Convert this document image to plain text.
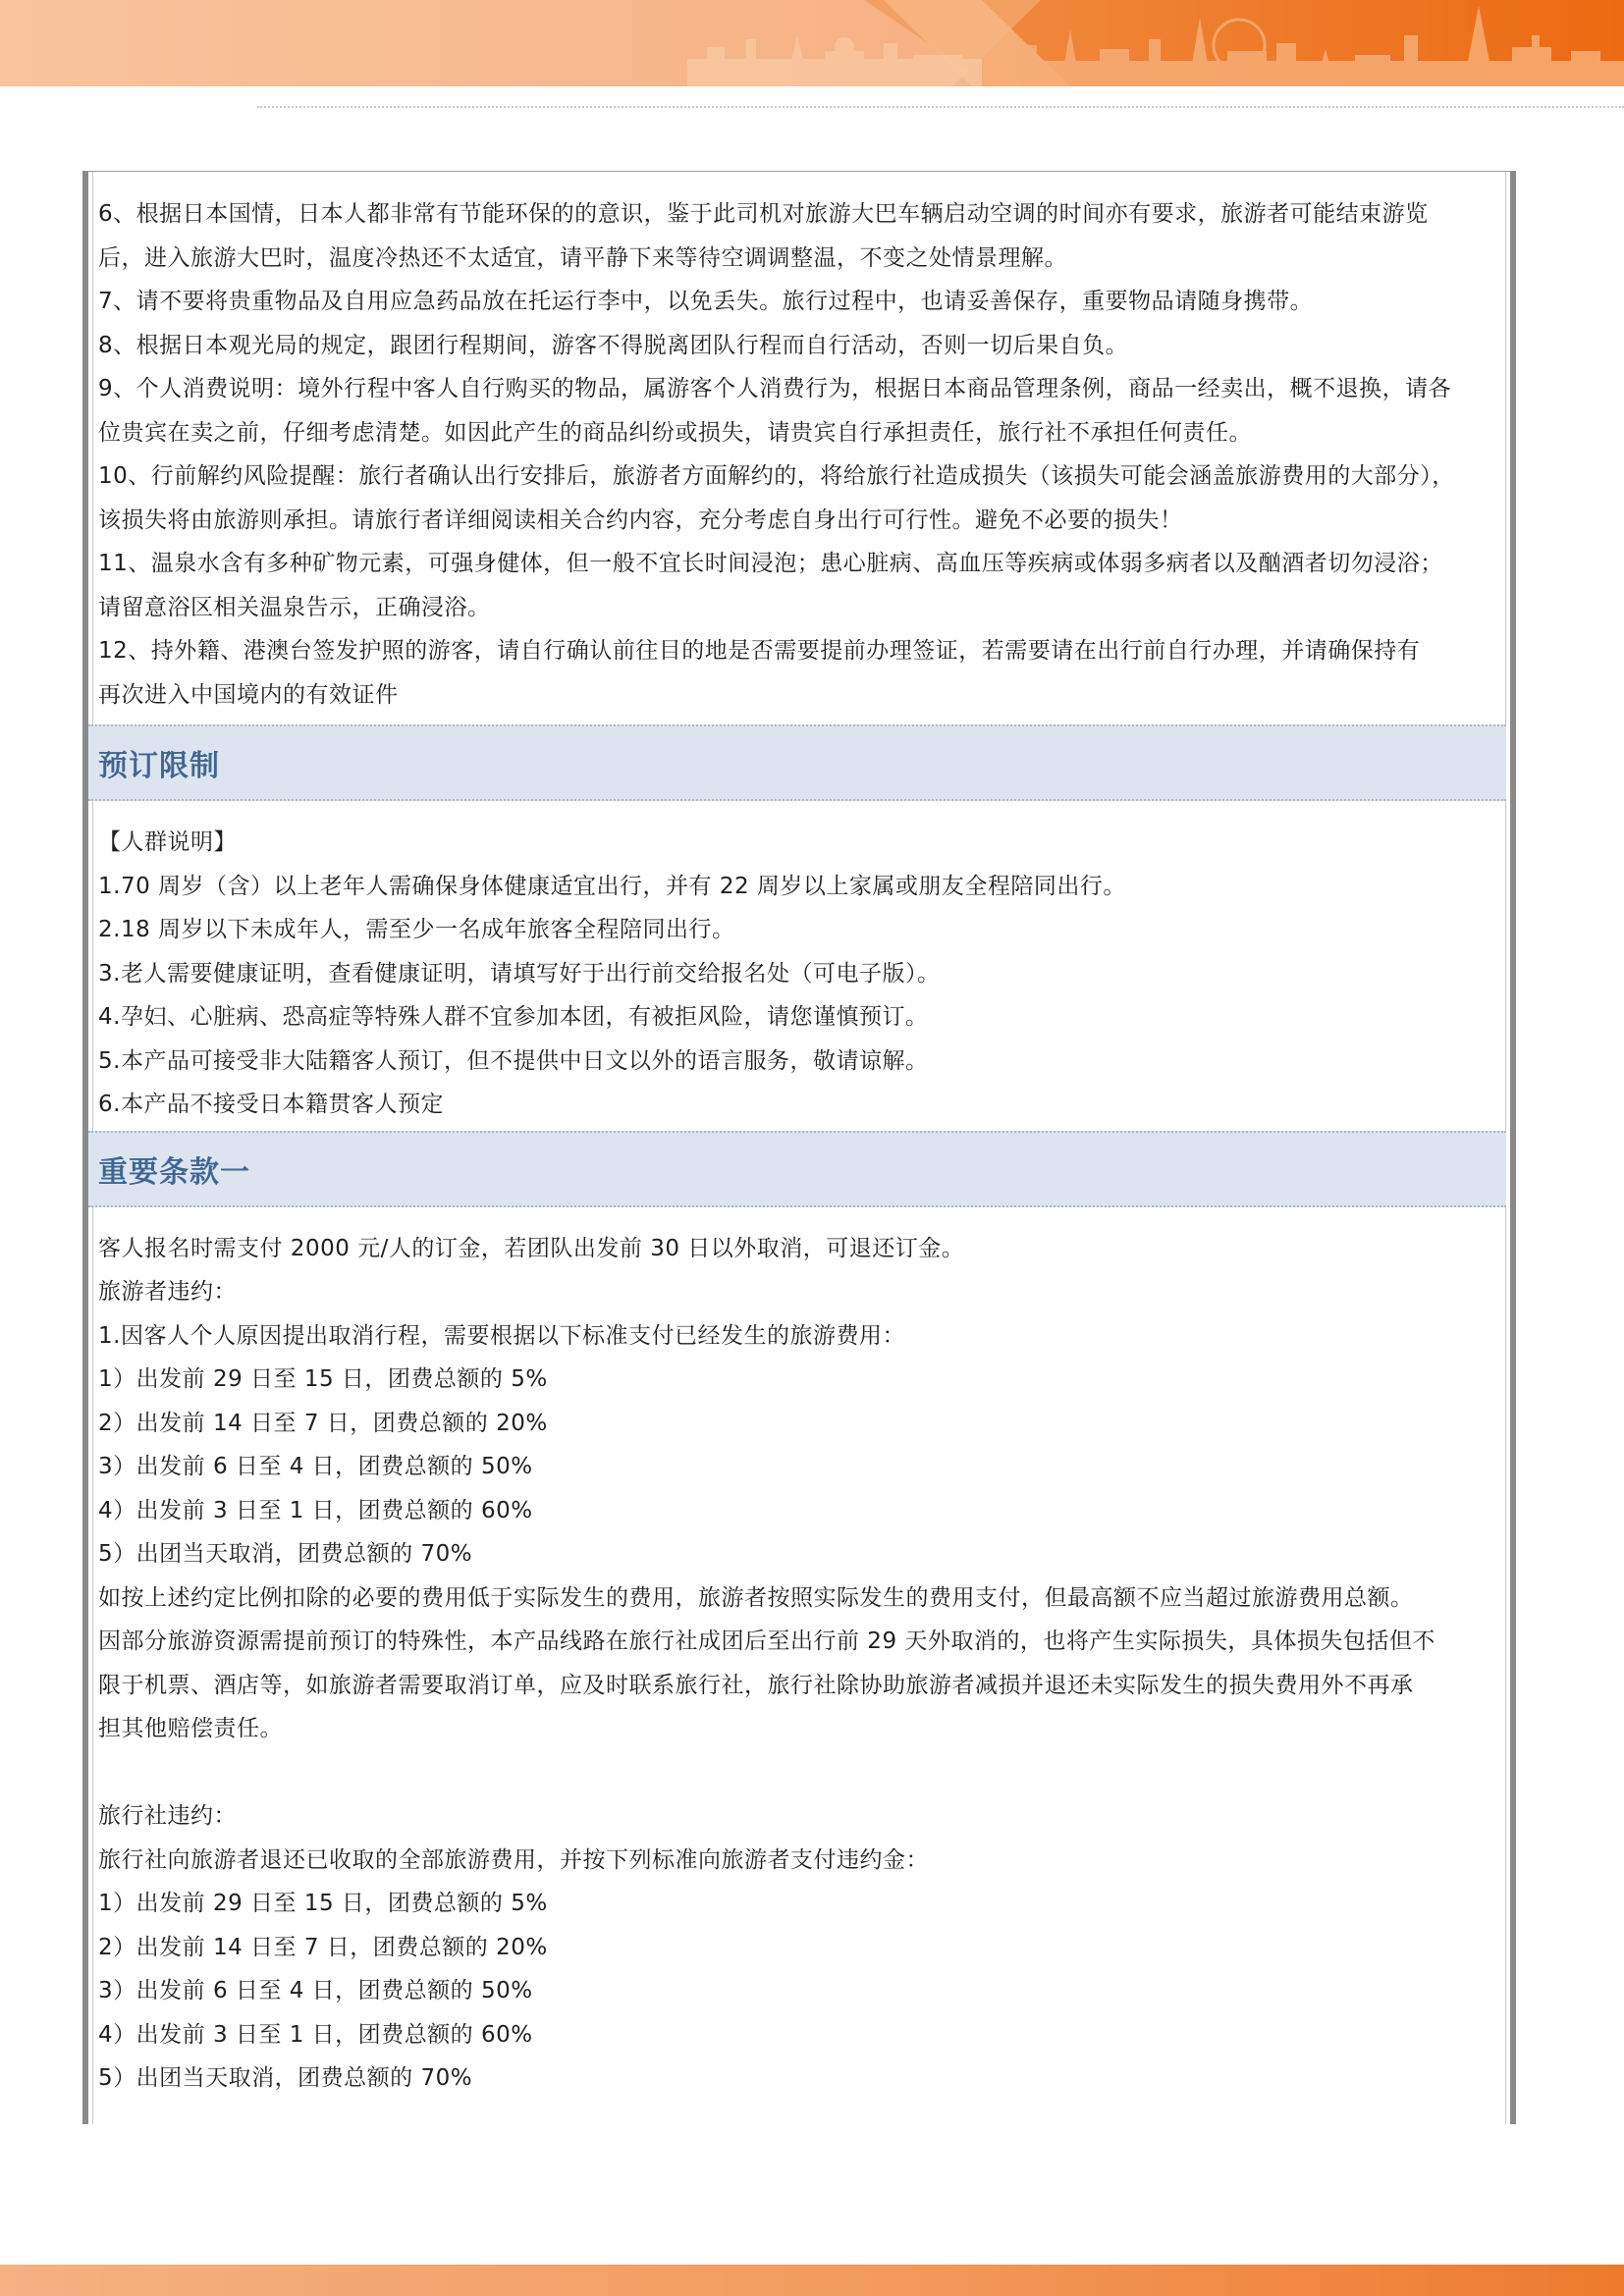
6、根据日本国情，日本人都非常有节能环保的的意识，鉴于此司机对旅游大巴车辆启动空调的时间亦有要求，旅游者可能结束游览
后，进入旅游大巴时，温度冷热还不太适宜，请平静下来等待空调调整温，不变之处情景理解。
7、请不要将贵重物品及自用应急药品放在托运行李中，以免丢失。旅行过程中，也请妥善保存，重要物品请随身携带。
8、根据日本观光局的规定，跟团行程期间，游客不得脱离团队行程而自行活动，否则一切后果自负。
9、个人消费说明：境外行程中客人自行购买的物品，属游客个人消费行为，根据日本商品管理条例，商品一经卖出，概不退换，请各
位贵宾在卖之前，仔细考虑清楚。如因此产生的商品纠纷或损失，请贵宾自行承担责任，旅行社不承担任何责任。
10、行前解约风险提醒：旅行者确认出行安排后，旅游者方面解约的，将给旅行社造成损失（该损失可能会涵盖旅游费用的大部分），
该损失将由旅游则承担。请旅行者详细阅读相关合约内容，充分考虑自身出行可行性。避免不必要的损失！
11、温泉水含有多种矿物元素，可强身健体，但一般不宜长时间浸泡；患心脏病、高血压等疾病或体弱多病者以及酗酒者切勿浸浴；
请留意浴区相关温泉告示，正确浸浴。
12、持外籍、港澳台签发护照的游客，请自行确认前往目的地是否需要提前办理签证，若需要请在出行前自行办理，并请确保持有
再次进入中国境内的有效证件
预订限制
【人群说明】
1.70 周岁（含）以上老年人需确保身体健康适宜出行，并有 22 周岁以上家属或朋友全程陪同出行。
2.18 周岁以下未成年人，需至少一名成年旅客全程陪同出行。
3.老人需要健康证明，查看健康证明，请填写好于出行前交给报名处（可电子版）。
4.孕妇、心脏病、恐高症等特殊人群不宜参加本团，有被拒风险，请您谨慎预订。
5.本产品可接受非大陆籍客人预订，但不提供中日文以外的语言服务，敬请谅解。
6.本产品不接受日本籍贯客人预定
重要条款一
客人报名时需支付 2000 元/人的订金，若团队出发前 30 日以外取消，可退还订金。
旅游者违约：
1.因客人个人原因提出取消行程，需要根据以下标准支付已经发生的旅游费用：
1）出发前 29 日至 15 日，团费总额的 5%
2）出发前 14 日至 7 日，团费总额的 20%
3）出发前 6 日至 4 日，团费总额的 50%
4）出发前 3 日至 1 日，团费总额的 60%
5）出团当天取消，团费总额的 70%
如按上述约定比例扣除的必要的费用低于实际发生的费用，旅游者按照实际发生的费用支付，但最高额不应当超过旅游费用总额。
因部分旅游资源需提前预订的特殊性，本产品线路在旅行社成团后至出行前 29 天外取消的，也将产生实际损失，具体损失包括但不
限于机票、酒店等，如旅游者需要取消订单，应及时联系旅行社，旅行社除协助旅游者减损并退还未实际发生的损失费用外不再承
担其他赔偿责任。
旅行社违约：
旅行社向旅游者退还已收取的全部旅游费用，并按下列标准向旅游者支付违约金：
1）出发前 29 日至 15 日，团费总额的 5%
2）出发前 14 日至 7 日，团费总额的 20%
3）出发前 6 日至 4 日，团费总额的 50%
4）出发前 3 日至 1 日，团费总额的 60%
5）出团当天取消，团费总额的 70%
